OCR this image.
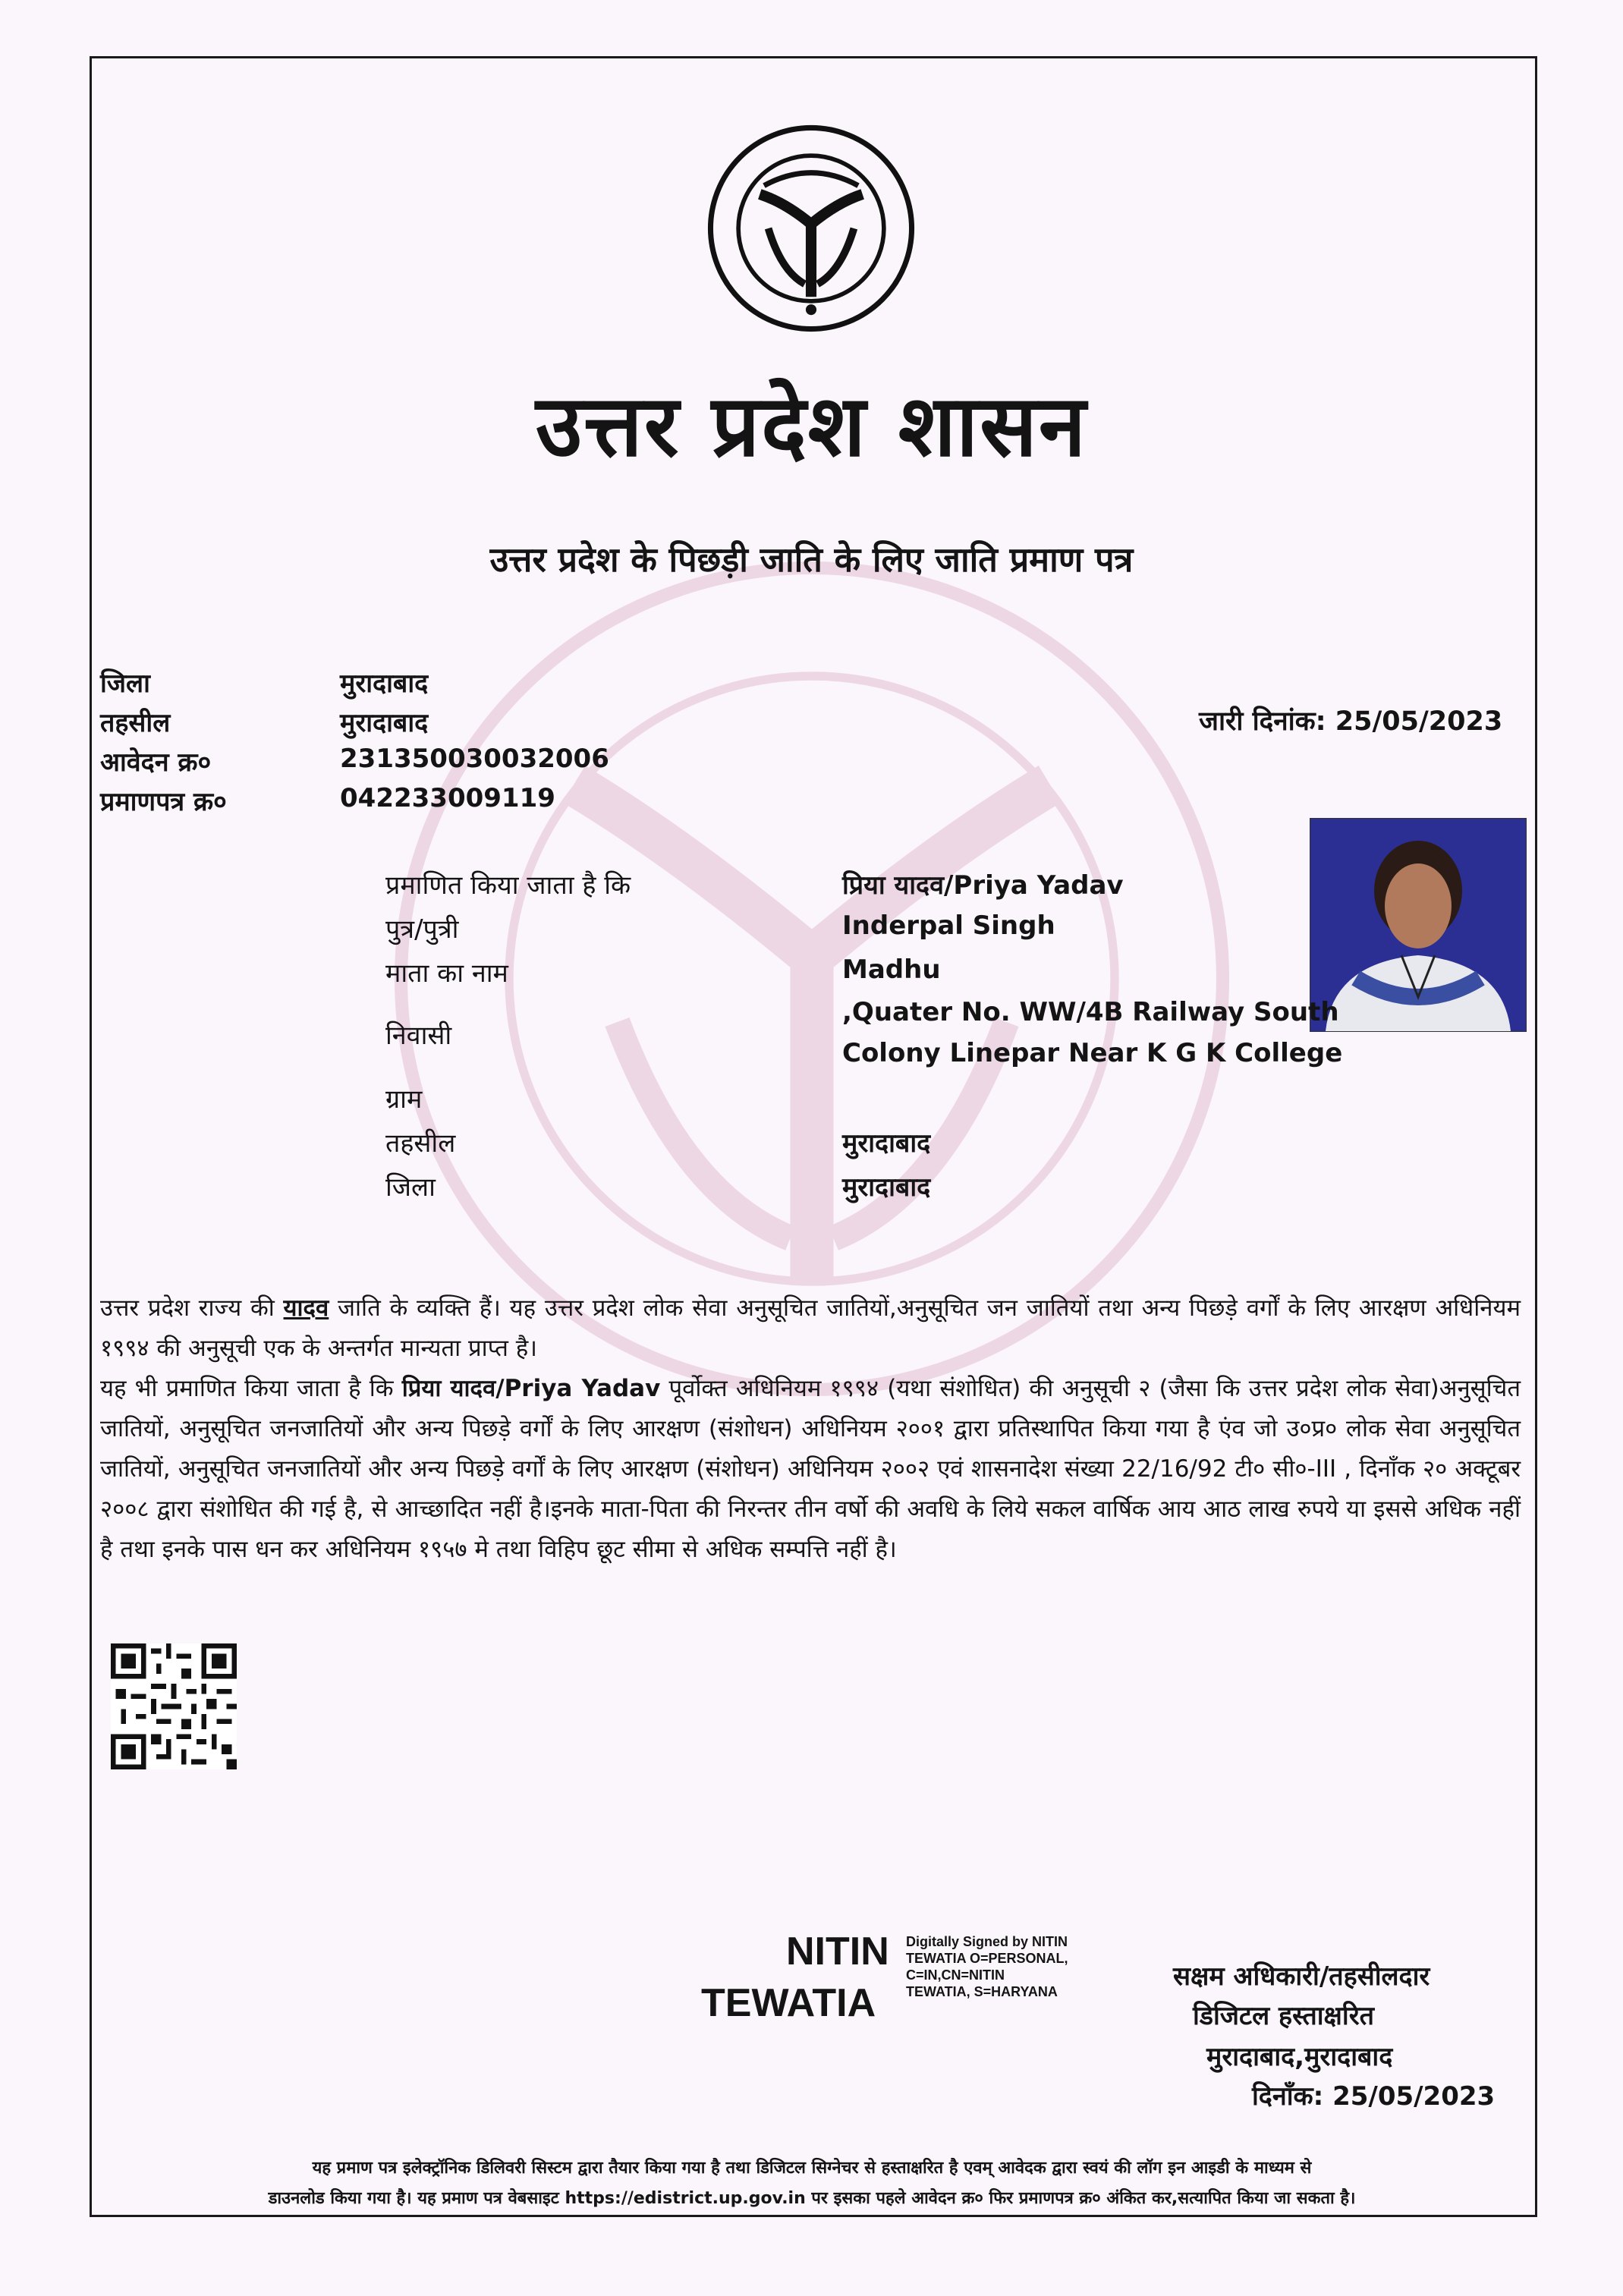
उत्तर प्रदेश शासन
उत्तर प्रदेश के पिछड़ी जाति के लिए जाति प्रमाण पत्र
जिला	मुरादाबाद
तहसील	मुरादाबाद
आवेदन क्र०	231350030032006
प्रमाणपत्र क्र०	042233009119
जारी दिनांक: 25/05/2023
प्रमाणित किया जाता है कि	प्रिया यादव/Priya Yadav
पुत्र/पुत्री	Inderpal Singh
माता का नाम	Madhu
निवासी
,Quater No. WW/4B Railway South
Colony Linepar Near K G K College
ग्राम
तहसील	मुरादाबाद
जिला	मुरादाबाद

उत्तर प्रदेश राज्य की यादव जाति के व्यक्ति हैं। यह उत्तर प्रदेश लोक सेवा अनुसूचित जातियों,अनुसूचित जन जातियों तथा अन्य पिछड़े वर्गों के लिए आरक्षण अधिनियम १९९४ की अनुसूची एक के अन्तर्गत मान्यता प्राप्त है।

यह भी प्रमाणित किया जाता है कि प्रिया यादव/Priya Yadav पूर्वोक्त अधिनियम १९९४ (यथा संशोधित) की अनुसूची २ (जैसा कि उत्तर प्रदेश लोक सेवा)अनुसूचित जातियों, अनुसूचित जनजातियों और अन्य पिछड़े वर्गों के लिए आरक्षण (संशोधन) अधिनियम २००१ द्वारा प्रतिस्थापित किया गया है एंव जो उ०प्र० लोक सेवा अनुसूचित जातियों, अनुसूचित जनजातियों और अन्य पिछड़े वर्गों के लिए आरक्षण (संशोधन) अधिनियम २००२ एवं शासनादेश संख्या 22/16/92 टी० सी०-III , दिनाँक २० अक्टूबर २००८ द्वारा संशोधित की गई है, से आच्छादित नहीं है।इनके माता-पिता की निरन्तर तीन वर्षो की अवधि के लिये सकल वार्षिक आय आठ लाख रुपये या इससे अधिक नहीं है तथा इनके पास धन कर अधिनियम १९५७ मे तथा विहिप छूट सीमा से अधिक सम्पत्ति नहीं है।

NITIN
TEWATIA
Digitally Signed by NITIN
TEWATIA O=PERSONAL,
C=IN,CN=NITIN
TEWATIA, S=HARYANA	सक्षम अधिकारी/तहसीलदार
डिजिटल हस्ताक्षरित
मुरादाबाद,मुरादाबाद
दिनाँक: 25/05/2023
यह प्रमाण पत्र इलेक्ट्रॉनिक डिलिवरी सिस्टम द्वारा तैयार किया गया है तथा डिजिटल सिग्नेचर से हस्ताक्षरित है एवम् आवेदक द्वारा स्वयं की लॉग इन आइडी के माध्यम से
डाउनलोड किया गया है। यह प्रमाण पत्र वेबसाइट https://edistrict.up.gov.in पर इसका पहले आवेदन क्र० फिर प्रमाणपत्र क्र० अंकित कर,सत्यापित किया जा सकता है।
